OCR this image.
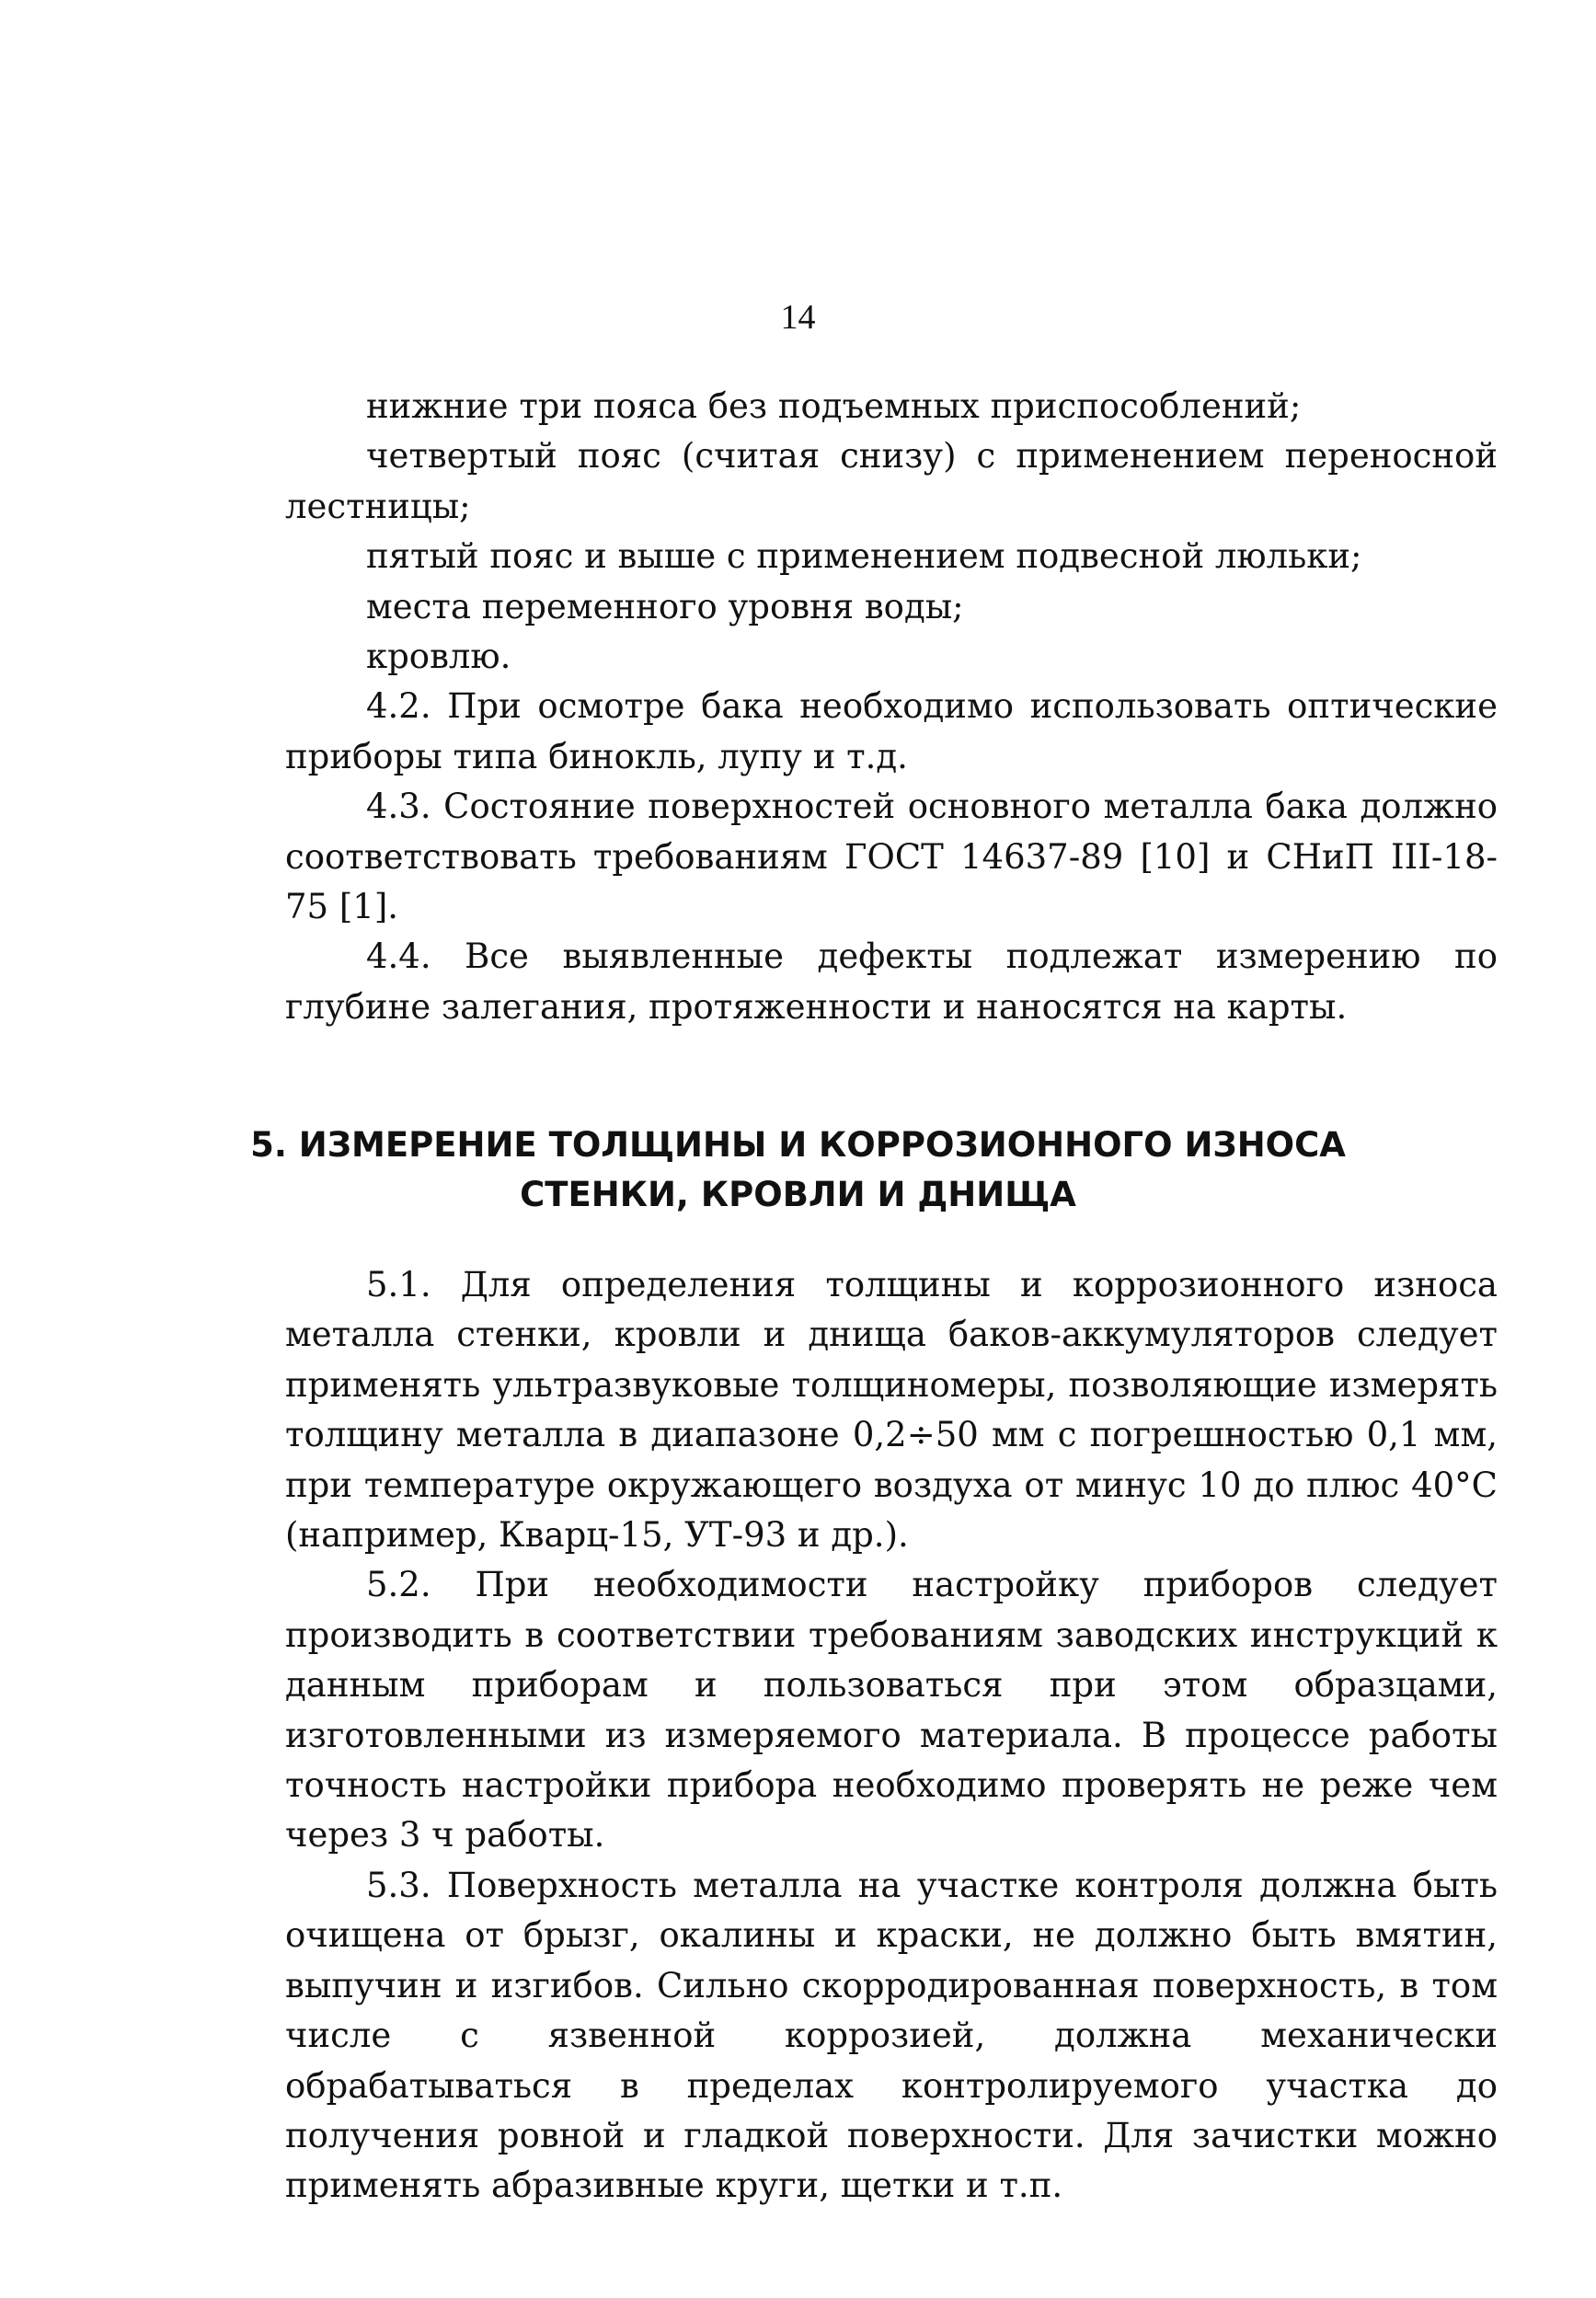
14

нижние три пояса без подъемных приспособлений;

четвертый пояс (считая снизу) с применением переносной лестницы;

пятый пояс и выше с применением подвесной люльки;

места переменного уровня воды;

кровлю.

4.2. При осмотре бака необходимо использовать оптические приборы типа бинокль, лупу и т.д.

4.3. Состояние поверхностей основного металла бака должно соответствовать требованиям ГОСТ 14637-89 [10] и СНиП III-18-75 [1].

4.4. Все выявленные дефекты подлежат измерению по глубине залегания, протяженности и наносятся на карты.

5. ИЗМЕРЕНИЕ ТОЛЩИНЫ И КОРРОЗИОННОГО ИЗНОСА
СТЕНКИ, КРОВЛИ И ДНИЩА

5.1. Для определения толщины и коррозионного износа металла стенки, кровли и днища баков-аккумуляторов следует применять ультразвуковые толщиномеры, позволяющие измерять толщину металла в диапазоне 0,2÷50 мм с погрешностью 0,1 мм, при температуре окружающего воздуха от минус 10 до плюс 40°С (например, Кварц-15, УТ-93 и др.).

5.2. При необходимости настройку приборов следует производить в соответствии требованиям заводских инструкций к данным приборам и пользоваться при этом образцами, изготовленными из измеряемого материала. В процессе работы точность настройки прибора необходимо проверять не реже чем через 3 ч работы.

5.3. Поверхность металла на участке контроля должна быть очищена от брызг, окалины и краски, не должно быть вмятин, выпучин и изгибов. Сильно скорродированная поверхность, в том числе с язвенной коррозией, должна механически обрабатываться в пределах контролируемого участка до получения ровной и гладкой поверхности. Для зачистки можно применять абразивные круги, щетки и т.п.
